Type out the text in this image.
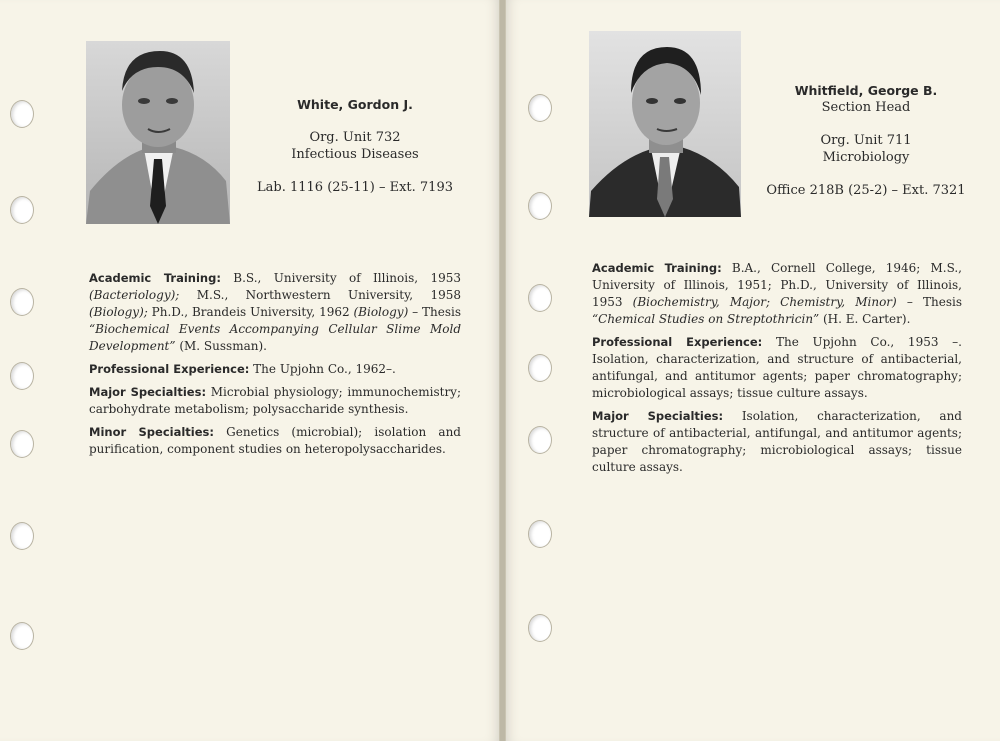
White, Gordon J.
Org. Unit 732
Infectious Diseases
Lab. 1116 (25-11) – Ext. 7193

Academic Training: B.S., University of Illinois, 1953 (Bacteriology); M.S., Northwestern University, 1958 (Biology); Ph.D., Brandeis University, 1962 (Biology) – Thesis “Biochemical Events Accompanying Cellular Slime Mold Development” (M. Sussman).

Professional Experience: The Upjohn Co., 1962–.

Major Specialties: Microbial physiology; immunochemistry; carbohydrate metabolism; polysaccharide synthesis.

Minor Specialties: Genetics (microbial); isolation and purification, component studies on heteropolysaccharides.

Whitfield, George B.
Section Head
Org. Unit 711
Microbiology
Office 218B (25-2) – Ext. 7321

Academic Training: B.A., Cornell College, 1946; M.S., University of Illinois, 1951; Ph.D., University of Illinois, 1953 (Biochemistry, Major; Chemistry, Minor) – Thesis “Chemical Studies on Streptothricin” (H. E. Carter).

Professional Experience: The Upjohn Co., 1953 –. Isolation, characterization, and structure of antibacterial, antifungal, and antitumor agents; paper chromatography; microbiological assays; tissue culture assays.

Major Specialties: Isolation, characterization, and structure of antibacterial, antifungal, and antitumor agents; paper chromatography; microbiological assays; tissue culture assays.
